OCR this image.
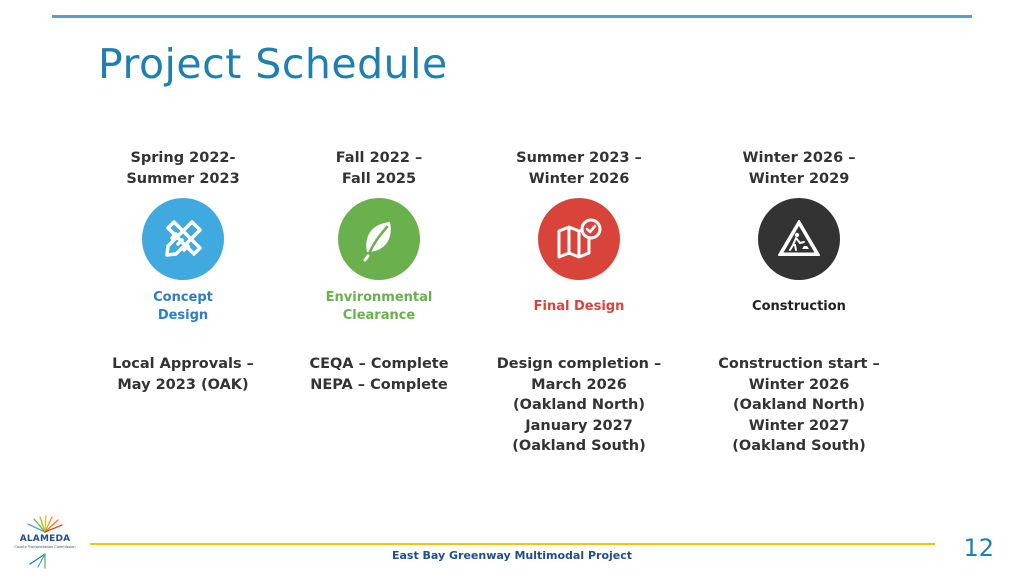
Project Schedule
Spring 2022-
Summer 2023
Concept
Design
Local Approvals –
May 2023 (OAK)
Fall 2022 –
Fall 2025
Environmental
Clearance
CEQA – Complete
NEPA – Complete
Summer 2023 –
Winter 2026
Final Design
Design completion –
March 2026
(Oakland North)
January 2027
(Oakland South)
Winter 2026 –
Winter 2029
Construction
Construction start –
Winter 2026
(Oakland North)
Winter 2027
(Oakland South)
ALAMEDA
County Transportation Commission
East Bay Greenway Multimodal Project	12
